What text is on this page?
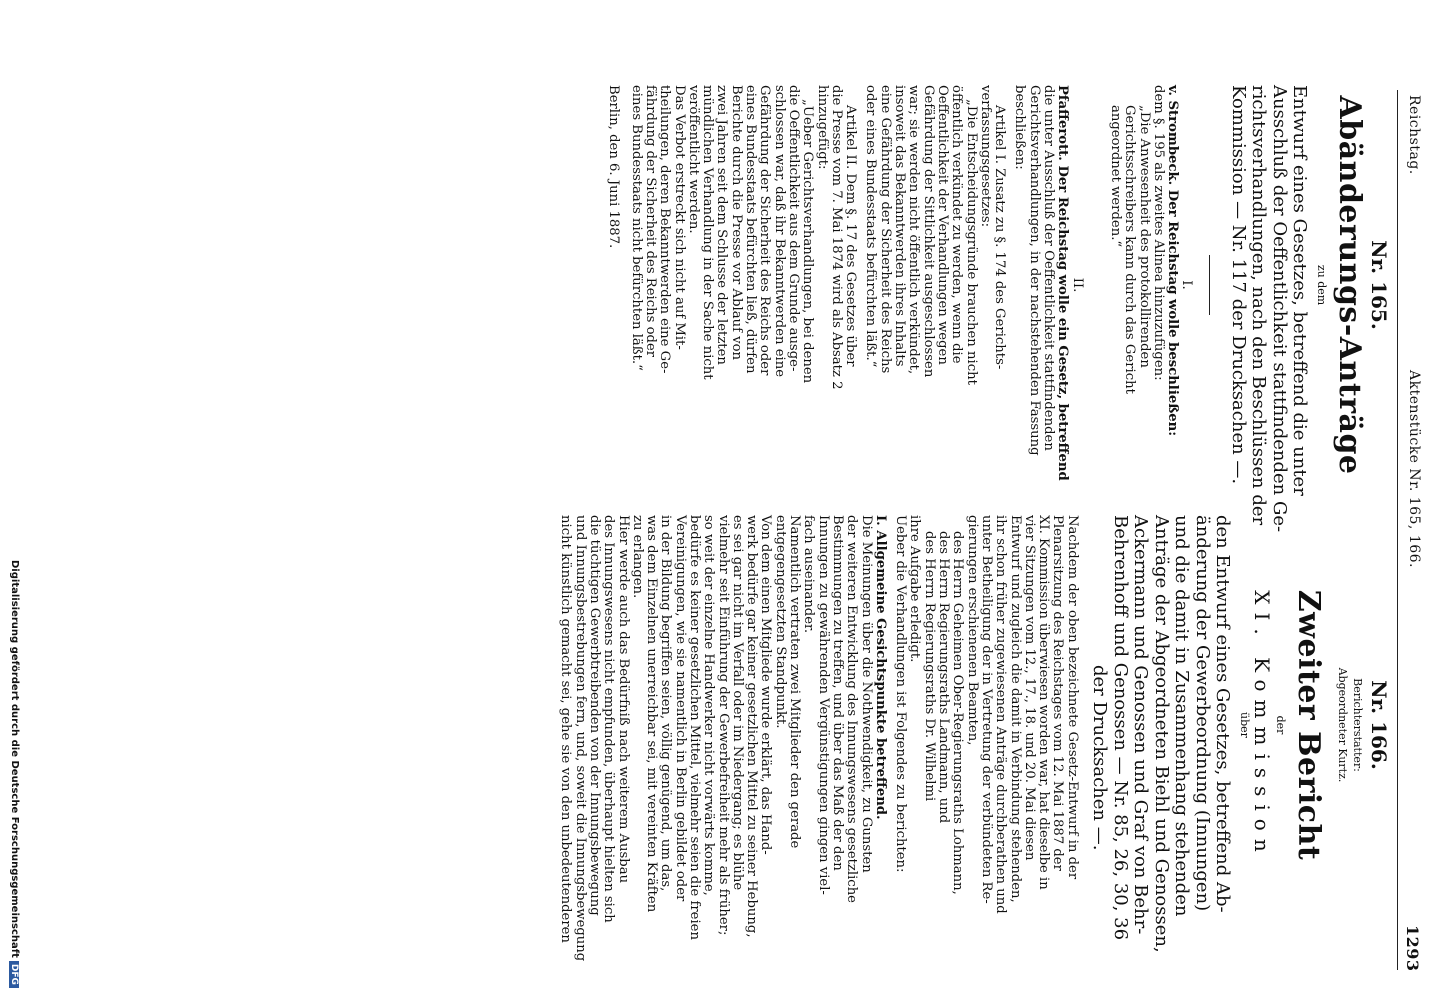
Reichstag.
Aktenstücke Nr. 165, 166.
1293
Nr. 165.
Abänderungs-Anträge
zu dem
Entwurf eines Gesetzes, betreffend die unter
Ausschluß der Oeffentlichkeit stattfindenden Ge-
richtsverhandlungen, nach den Beschlüssen der
Kommission — Nr. 117 der Drucksachen —.
I.
v. Strombeck. Der Reichstag wolle beschließen:
dem §. 195 als zweites Alinea hinzuzufügen:
„Die Anwesenheit des protokollirenden
Gerichtsschreibers kann durch das Gericht
angeordnet werden.“
II.
Pfafferott. Der Reichstag wolle ein Gesetz, betreffend
die unter Ausschluß der Oeffentlichkeit stattfindenden
Gerichtsverhandlungen, in der nachstehenden Fassung
beschließen:
Artikel I. Zusatz zu §. 174 des Gerichts-
verfassungsgesetzes:
„Die Entscheidungsgründe brauchen nicht
öffentlich verkündet zu werden, wenn die
Oeffentlichkeit der Verhandlungen wegen
Gefährdung der Sittlichkeit ausgeschlossen
war; sie werden nicht öffentlich verkündet,
insoweit das Bekanntwerden ihres Inhalts
eine Gefährdung der Sicherheit des Reichs
oder eines Bundesstaats befürchten läßt.“
Artikel II. Dem §. 17 des Gesetzes über
die Presse vom 7. Mai 1874 wird als Absatz 2
hinzugefügt:
„Ueber Gerichtsverhandlungen, bei denen
die Oeffentlichkeit aus dem Grunde ausge-
schlossen war, daß ihr Bekanntwerden eine
Gefährdung der Sicherheit des Reichs oder
eines Bundesstaats befürchten ließ, dürfen
Berichte durch die Presse vor Ablauf von
zwei Jahren seit dem Schlusse der letzten
mündlichen Verhandlung in der Sache nicht
veröffentlicht werden.
Das Verbot erstreckt sich nicht auf Mit-
theilungen, deren Bekanntwerden eine Ge-
fährdung der Sicherheit des Reichs oder
eines Bundesstaats nicht befürchten läßt.“
Berlin, den 6. Juni 1887.
Nr. 166.
Berichterstatter:
Abgeordneter Kurtz.
Zweiter Bericht
der
XI. Kommission
über
den Entwurf eines Gesetzes, betreffend Ab-
änderung der Gewerbeordnung (Innungen)
und die damit in Zusammenhang stehenden
Anträge der Abgeordneten Biehl und Genossen,
Ackermann und Genossen und Graf von Behr-
Behrenhoff und Genossen — Nr. 85, 26, 30, 36
der Drucksachen —.
Nachdem der oben bezeichnete Gesetz-Entwurf in der
Plenarsitzung des Reichstages vom 12. Mai 1887 der
XI. Kommission überwiesen worden war, hat dieselbe in
vier Sitzungen vom 12., 17., 18. und 20. Mai diesen
Entwurf und zugleich die damit in Verbindung stehenden,
ihr schon früher zugewiesenen Anträge durchberathen und
unter Betheiligung der in Vertretung der verbündeten Re-
gierungen erschienenen Beamten,
des Herrn Geheimen Ober-Regierungsraths Lohmann,
des Herrn Regierungsraths Landmann, und
des Herrn Regierungsraths Dr. Wilhelmi
ihre Aufgabe erledigt.
Ueber die Verhandlungen ist Folgendes zu berichten:
I. Allgemeine Gesichtspunkte betreffend.
Die Meinungen über die Nothwendigkeit, zu Gunsten
der weiteren Entwicklung des Innungswesens gesetzliche
Bestimmungen zu treffen, und über das Maß der den
Innungen zu gewährenden Vergünstigungen gingen viel-
fach auseinander.
Namentlich vertraten zwei Mitglieder den gerade
entgegengesetzten Standpunkt.
Von dem einen Mitgliede wurde erklärt, das Hand-
werk bedürfe gar keiner gesetzlichen Mittel zu seiner Hebung,
es sei gar nicht im Verfall oder im Niedergang; es blühe
vielmehr seit Einführung der Gewerbefreiheit mehr als früher;
so weit der einzelne Handwerker nicht vorwärts komme,
bedürfe es keiner gesetzlichen Mittel, vielmehr seien die freien
Vereinigungen, wie sie namentlich in Berlin gebildet oder
in der Bildung begriffen seien, völlig genügend, um das,
was dem Einzelnen unerreichbar sei, mit vereinten Kräften
zu erlangen.
Hier werde auch das Bedürfniß nach weiterem Ausbau
des Innungswesens nicht empfunden, überhaupt hielten sich
die tüchtigen Gewerbtreibenden von der Innungsbewegung
und Innungsbestrebungen fern, und, soweit die Innungsbewegung
nicht künstlich gemacht sei, gehe sie von den unbedeutenderen
Digitalisierung gefördert durch die Deutsche ForschungsgemeinschaftDFG
